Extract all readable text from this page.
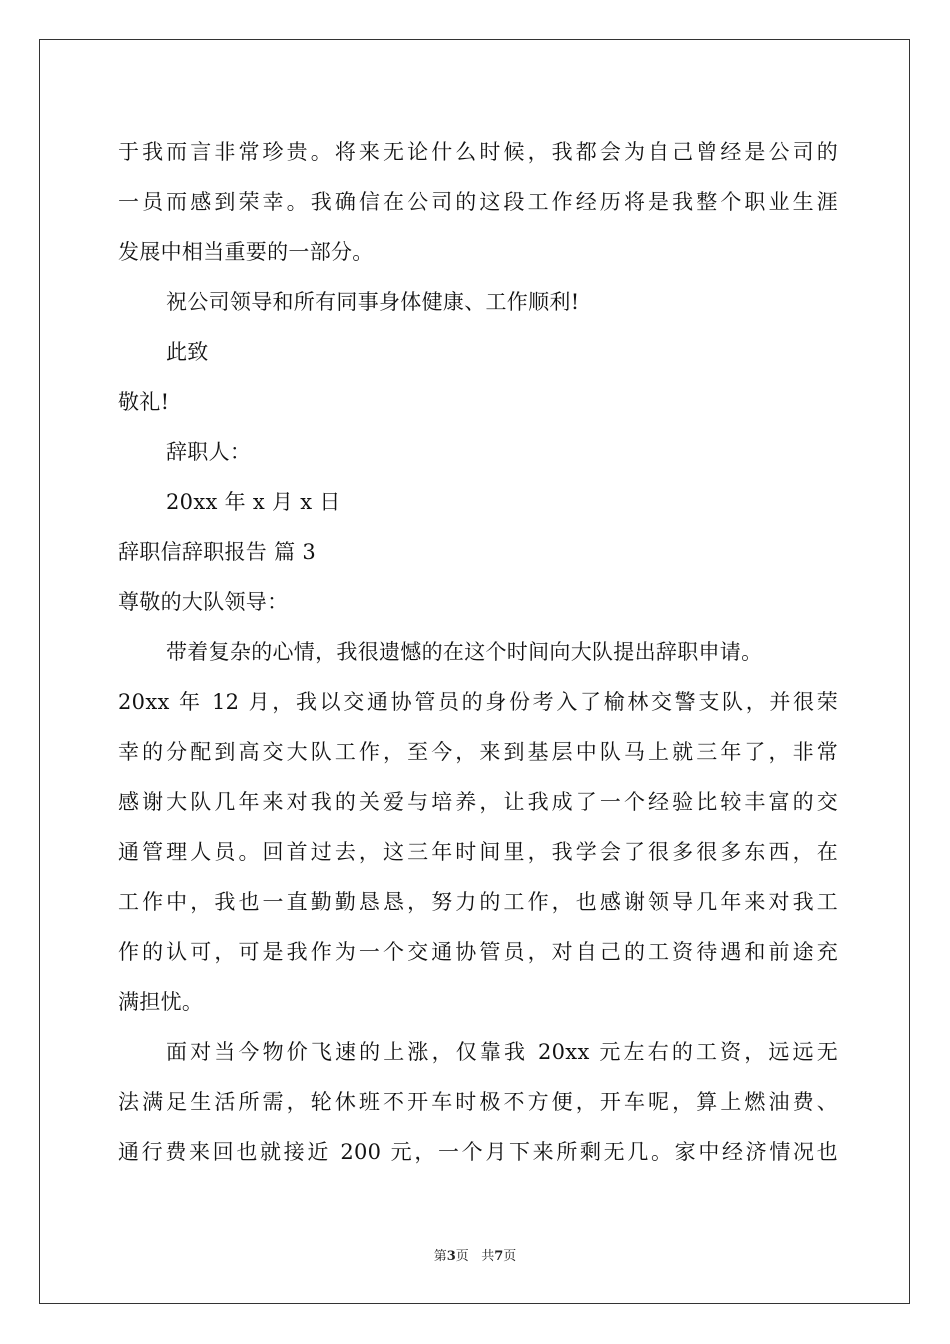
于我而言非常珍贵。将来无论什么时候，我都会为自己曾经是公司的
一员而感到荣幸。我确信在公司的这段工作经历将是我整个职业生涯
发展中相当重要的一部分。
祝公司领导和所有同事身体健康、工作顺利!
此致
敬礼!
辞职人：
20xx 年 x 月 x 日
辞职信辞职报告 篇 3
尊敬的大队领导：
带着复杂的心情，我很遗憾的在这个时间向大队提出辞职申请。
20xx 年 12 月，我以交通协管员的身份考入了榆林交警支队，并很荣
幸的分配到高交大队工作，至今，来到基层中队马上就三年了，非常
感谢大队几年来对我的关爱与培养，让我成了一个经验比较丰富的交
通管理人员。回首过去，这三年时间里，我学会了很多很多东西，在
工作中，我也一直勤勤恳恳，努力的工作，也感谢领导几年来对我工
作的认可，可是我作为一个交通协管员，对自己的工资待遇和前途充
满担忧。
面对当今物价飞速的上涨，仅靠我 20xx 元左右的工资，远远无
法满足生活所需，轮休班不开车时极不方便，开车呢，算上燃油费、
通行费来回也就接近 200 元，一个月下来所剩无几。家中经济情况也
第3页 共7页
